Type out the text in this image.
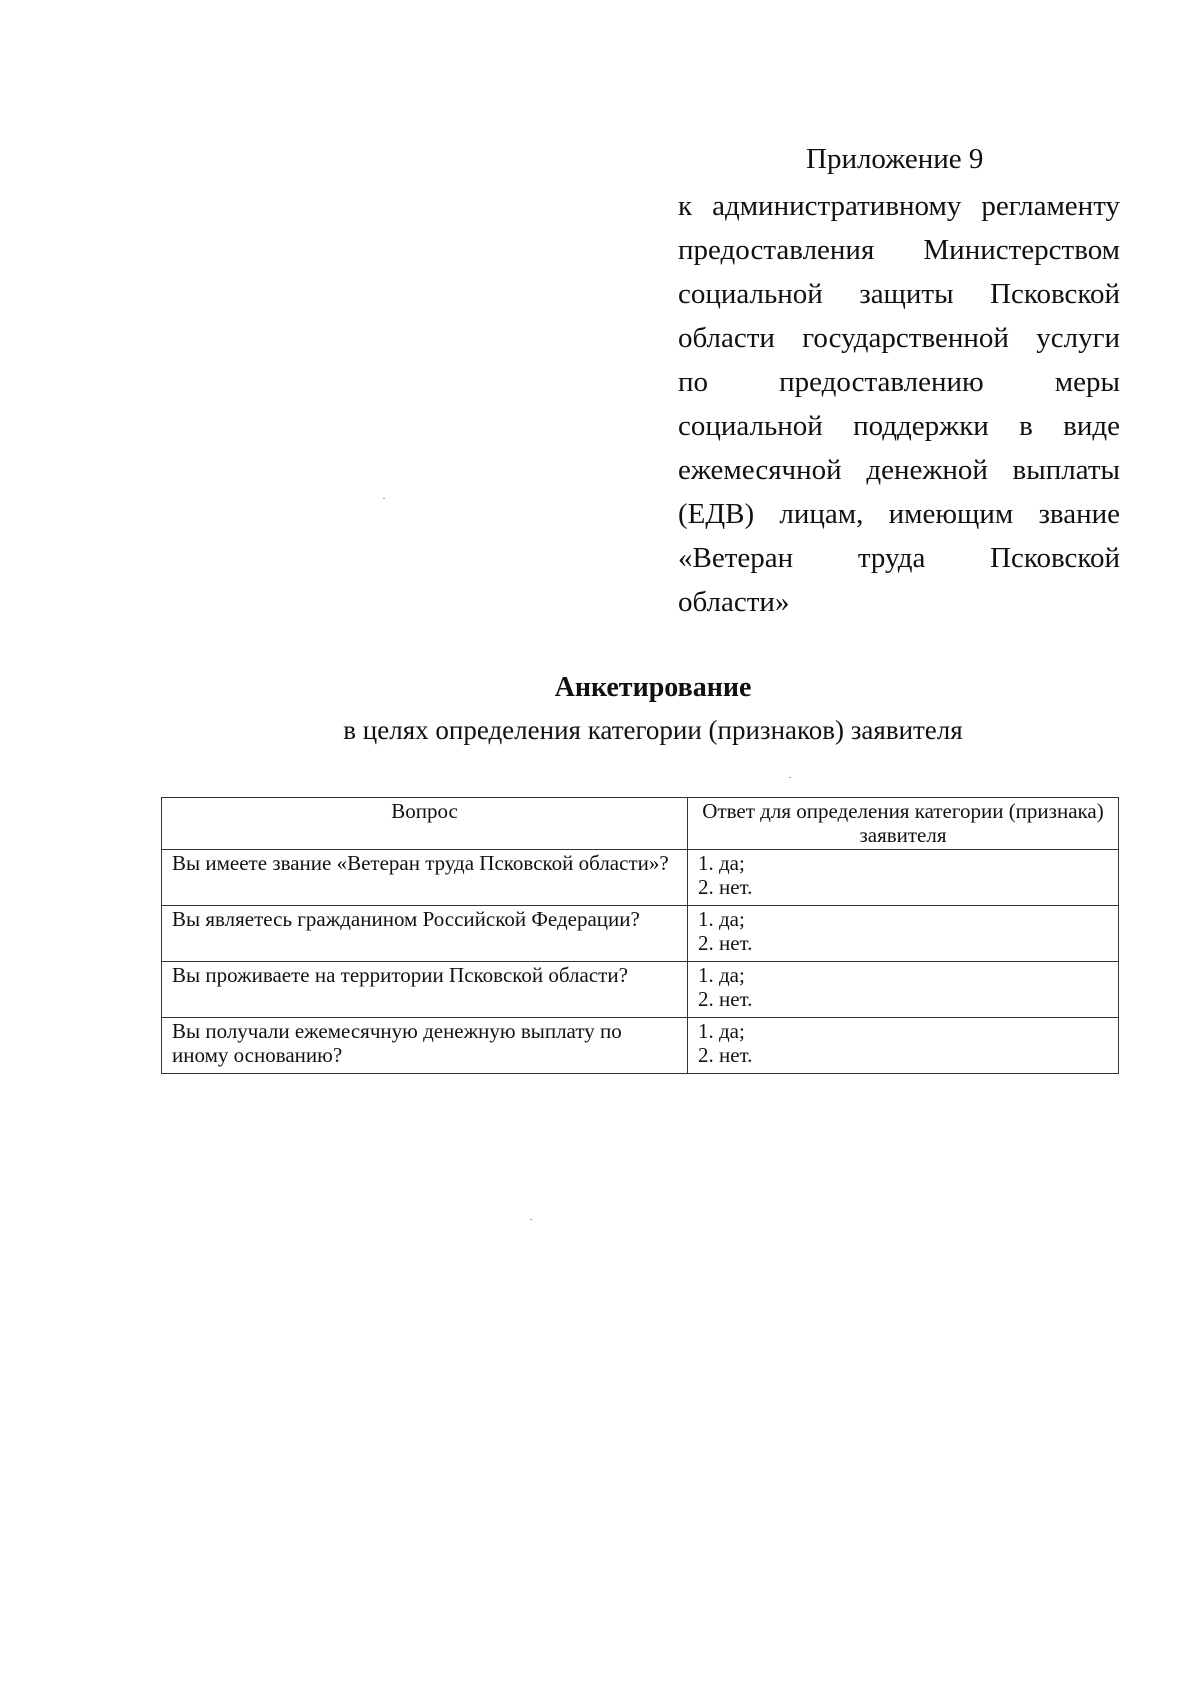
Приложение 9
к административному регламенту
предоставления Министерством
социальной защиты Псковской
области государственной услуги
по предоставлению меры
социальной поддержки в виде
ежемесячной денежной выплаты
(ЕДВ) лицам, имеющим звание
«Ветеран труда Псковской
области»
Анкетирование

в целях определения категории (признаков) заявителя

Вопрос	Ответ для определения категории (признака) заявителя
Вы имеете звание «Ветеран труда Псковской области»?	1. да;
2. нет.

Вы являетесь гражданином Российской Федерации?	1. да;
2. нет.

Вы проживаете на территории Псковской области?	1. да;
2. нет.

Вы получали ежемесячную денежную выплату по иному основанию?	1. да;
2. нет.
